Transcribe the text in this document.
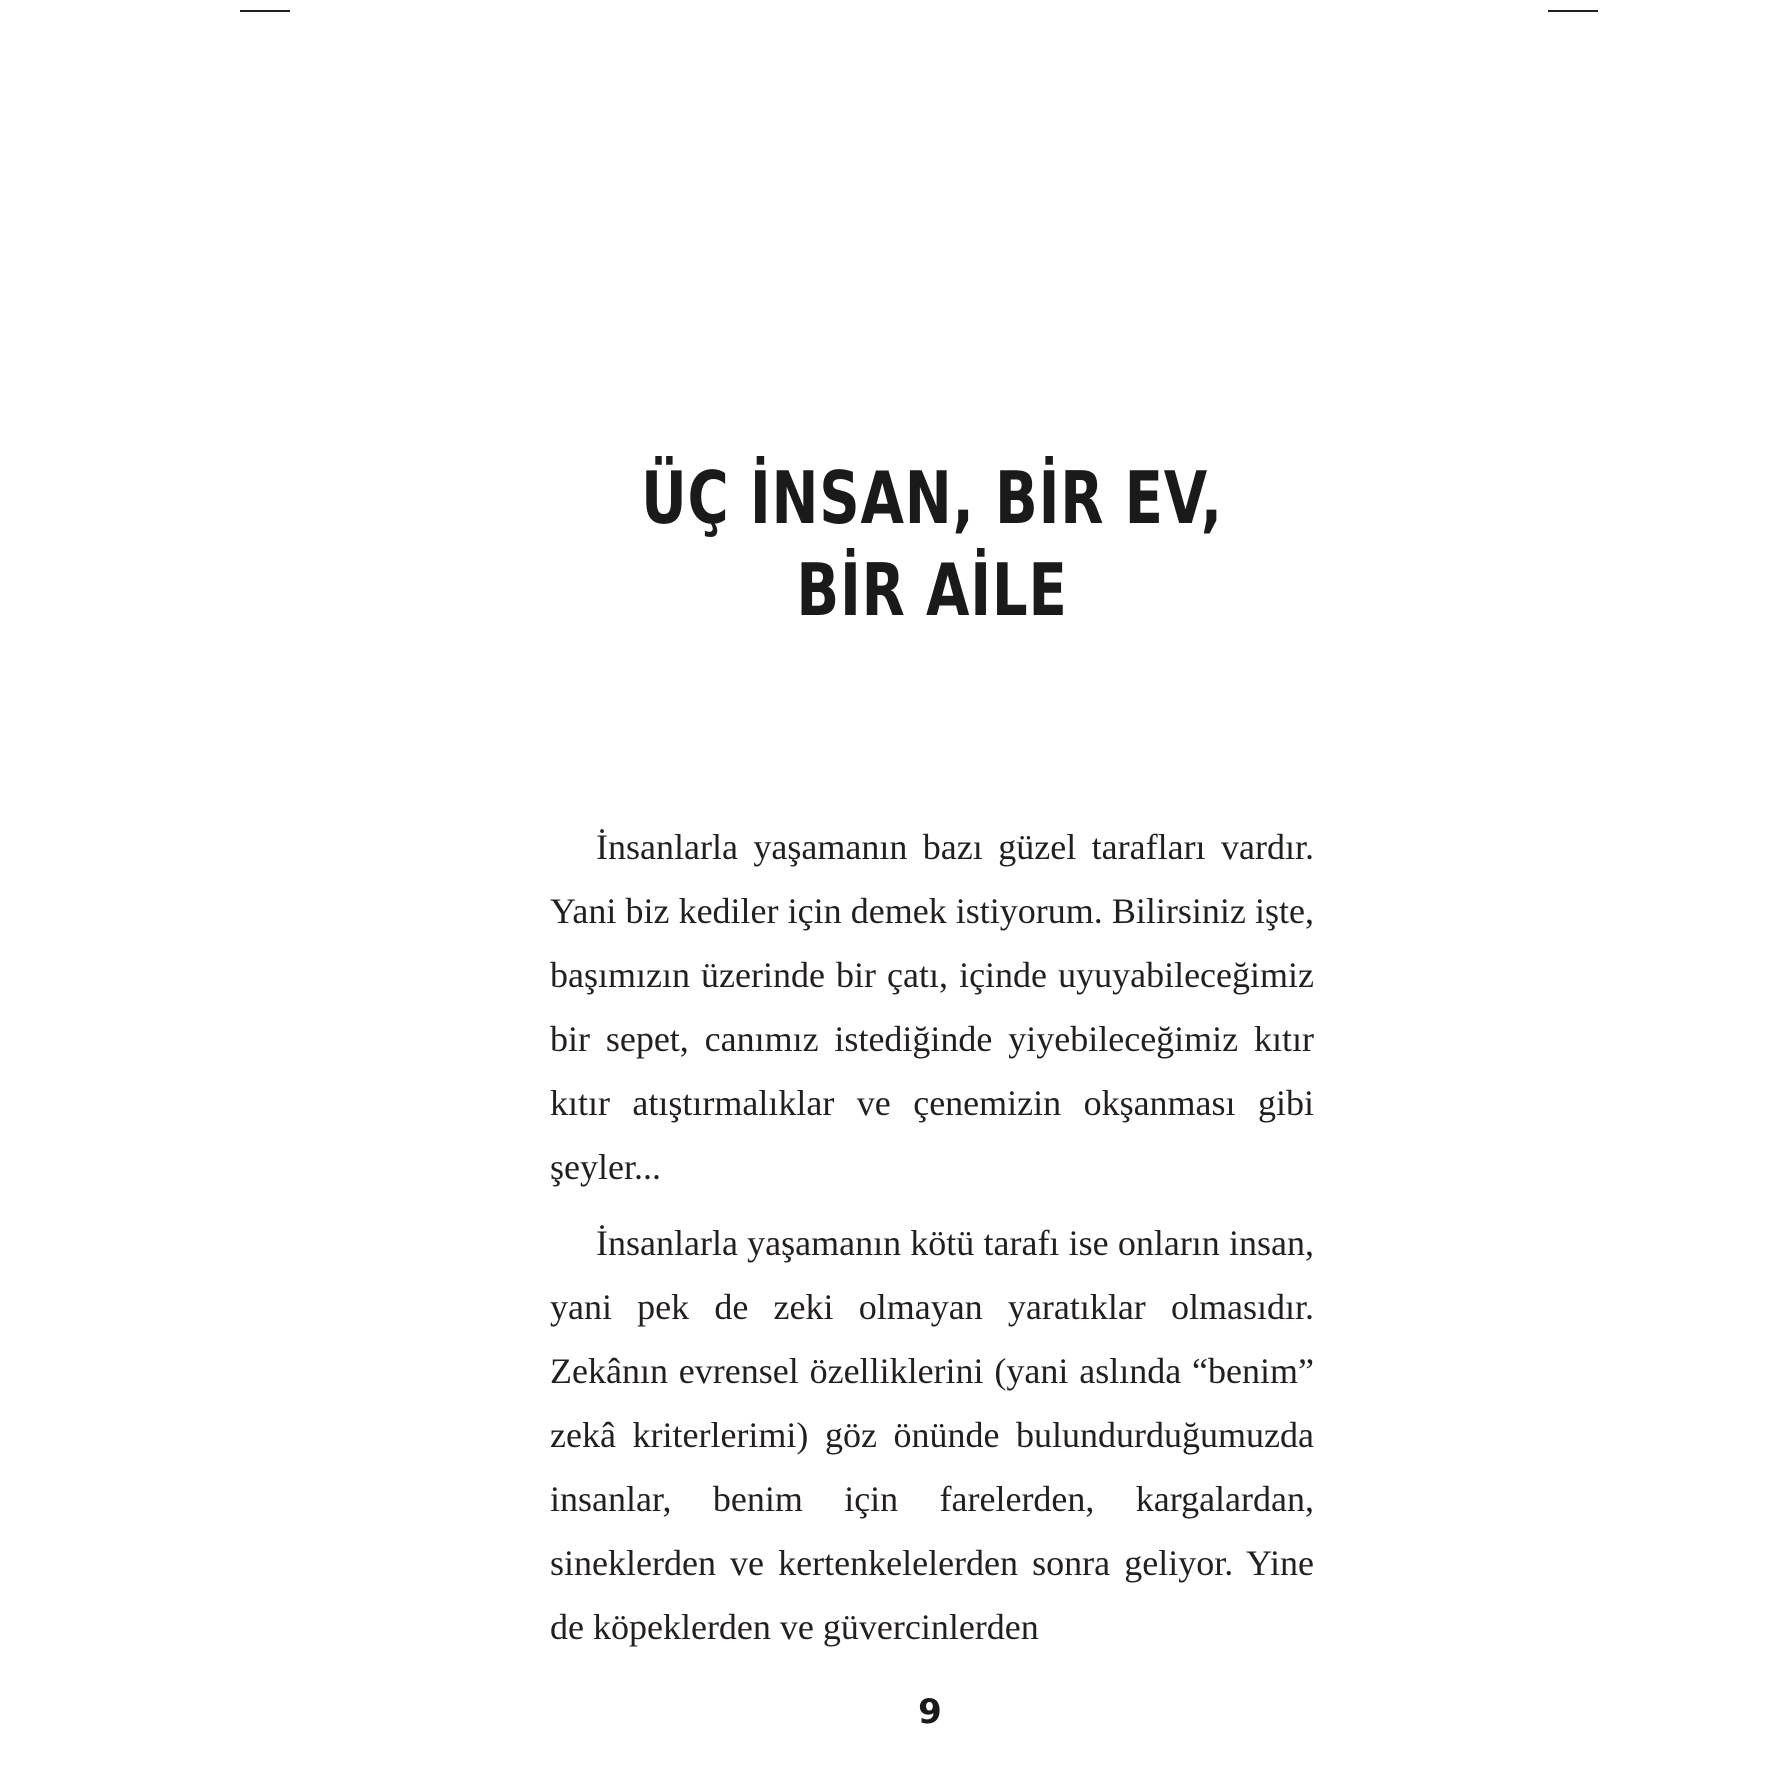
ÜÇ İNSAN, BİR EV,
BİR AİLE

İnsanlarla yaşamanın bazı güzel tarafları vardır. Yani biz kediler için demek istiyorum. Bilirsiniz işte, başımızın üzerinde bir çatı, içinde uyuyabileceğimiz bir sepet, canımız istediğinde yiyebileceğimiz kıtır kıtır atıştırmalıklar ve çenemizin okşanması gibi şeyler...

İnsanlarla yaşamanın kötü tarafı ise onların insan, yani pek de zeki olmayan yaratıklar olmasıdır. Zekânın evrensel özelliklerini (yani aslında “benim” zekâ kriterlerimi) göz önünde bulundurduğumuzda insanlar, benim için farelerden, kargalardan, sineklerden ve kertenkelelerden sonra geliyor. Yine de köpeklerden ve güvercinlerden

9
